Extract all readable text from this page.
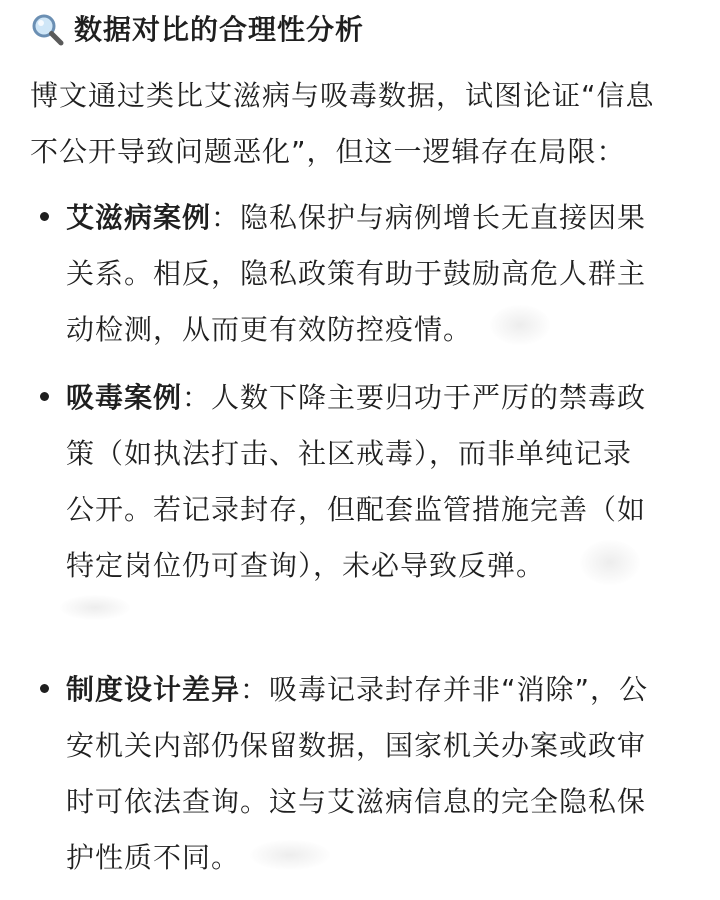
数据对比的合理性分析
博文通过类比艾滋病与吸毒数据，试图论证“信息
不公开导致问题恶化”，但这一逻辑存在局限：
艾滋病案例：隐私保护与病例增长无直接因果
关系。相反，隐私政策有助于鼓励高危人群主
动检测，从而更有效防控疫情。
吸毒案例：人数下降主要归功于严厉的禁毒政
策（如执法打击、社区戒毒），而非单纯记录
公开。若记录封存，但配套监管措施完善（如
特定岗位仍可查询），未必导致反弹。
制度设计差异：吸毒记录封存并非“消除”，公
安机关内部仍保留数据，国家机关办案或政审
时可依法查询。这与艾滋病信息的完全隐私保
护性质不同。
